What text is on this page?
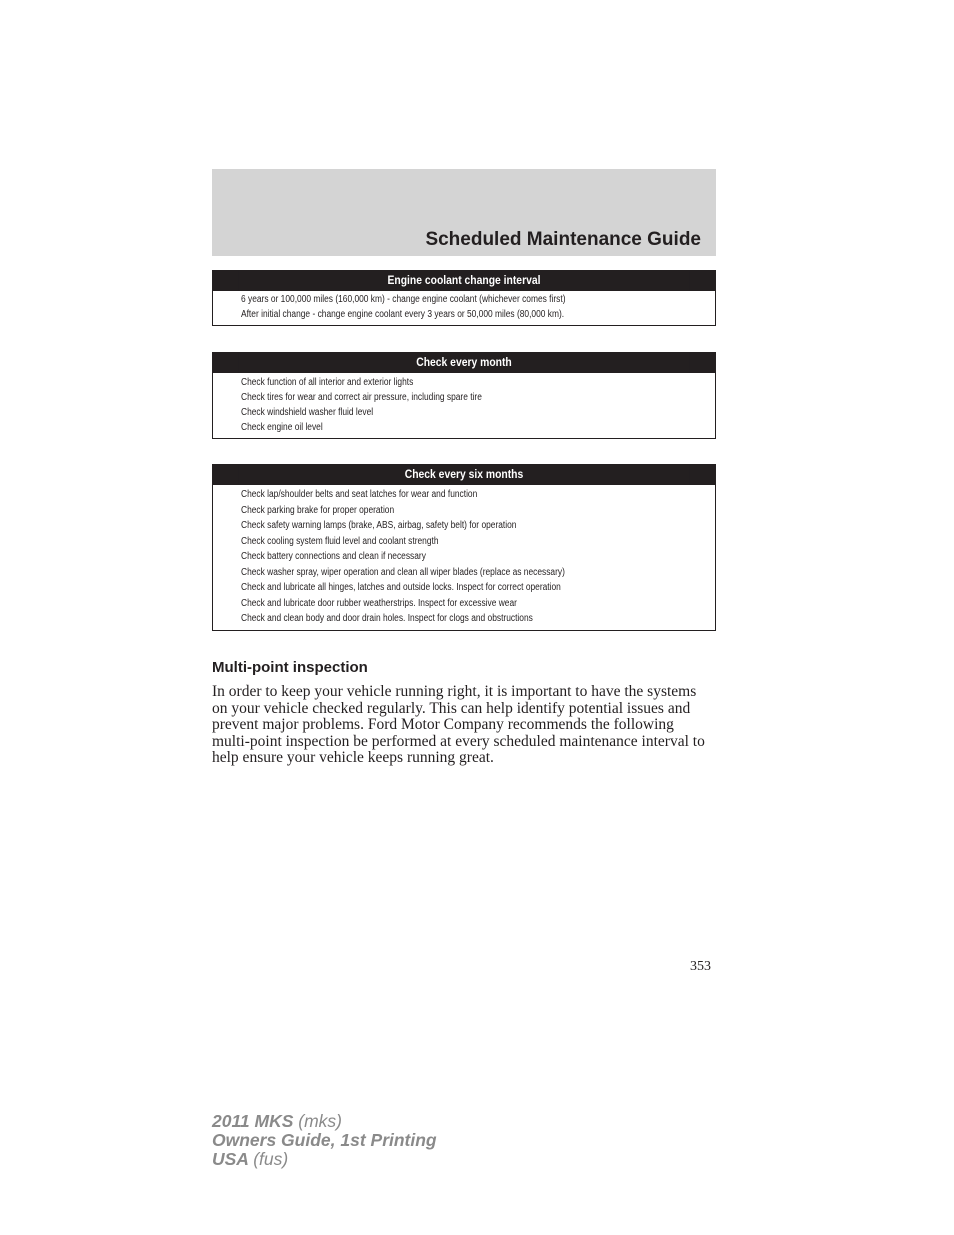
Scheduled Maintenance Guide
Engine coolant change interval
6 years or 100,000 miles (160,000 km) - change engine coolant (whichever comes first)
After initial change - change engine coolant every 3 years or 50,000 miles (80,000 km).
Check every month
Check function of all interior and exterior lights
Check tires for wear and correct air pressure, including spare tire
Check windshield washer fluid level
Check engine oil level
Check every six months
Check lap/shoulder belts and seat latches for wear and function
Check parking brake for proper operation
Check safety warning lamps (brake, ABS, airbag, safety belt) for operation
Check cooling system fluid level and coolant strength
Check battery connections and clean if necessary
Check washer spray, wiper operation and clean all wiper blades (replace as necessary)
Check and lubricate all hinges, latches and outside locks. Inspect for correct operation
Check and lubricate door rubber weatherstrips. Inspect for excessive wear
Check and clean body and door drain holes. Inspect for clogs and obstructions
Multi-point inspection
In order to keep your vehicle running right, it is important to have the systems on your vehicle checked regularly. This can help identify potential issues and prevent major problems. Ford Motor Company recommends the following multi-point inspection be performed at every scheduled maintenance interval to help ensure your vehicle keeps running great.
353
2011 MKS (mks)
Owners Guide, 1st Printing
USA (fus)
